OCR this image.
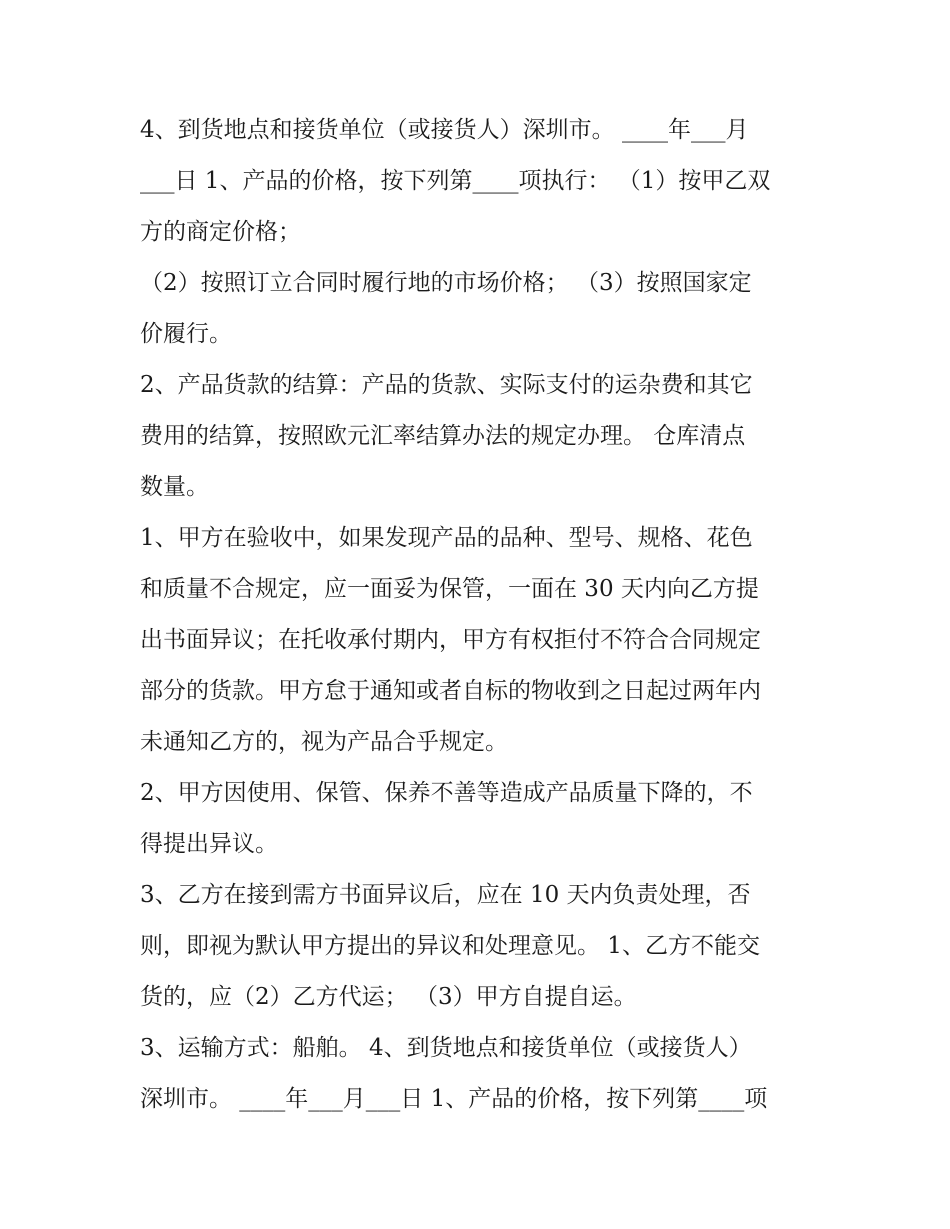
4、到货地点和接货单位（或接货人）深圳市。 ____年___月
___日 1、产品的价格，按下列第____项执行： （1）按甲乙双
方的商定价格；
（2）按照订立合同时履行地的市场价格； （3）按照国家定
价履行。
2、产品货款的结算：产品的货款、实际支付的运杂费和其它
费用的结算，按照欧元汇率结算办法的规定办理。 仓库清点
数量。
1、甲方在验收中，如果发现产品的品种、型号、规格、花色
和质量不合规定，应一面妥为保管，一面在 30 天内向乙方提
出书面异议；在托收承付期内，甲方有权拒付不符合合同规定
部分的货款。甲方怠于通知或者自标的物收到之日起过两年内
未通知乙方的，视为产品合乎规定。
2、甲方因使用、保管、保养不善等造成产品质量下降的，不
得提出异议。
3、乙方在接到需方书面异议后，应在 10 天内负责处理，否
则，即视为默认甲方提出的异议和处理意见。 1、乙方不能交
货的，应（2）乙方代运； （3）甲方自提自运。
3、运输方式：船舶。 4、到货地点和接货单位（或接货人）
深圳市。 ____年___月___日 1、产品的价格，按下列第____项
